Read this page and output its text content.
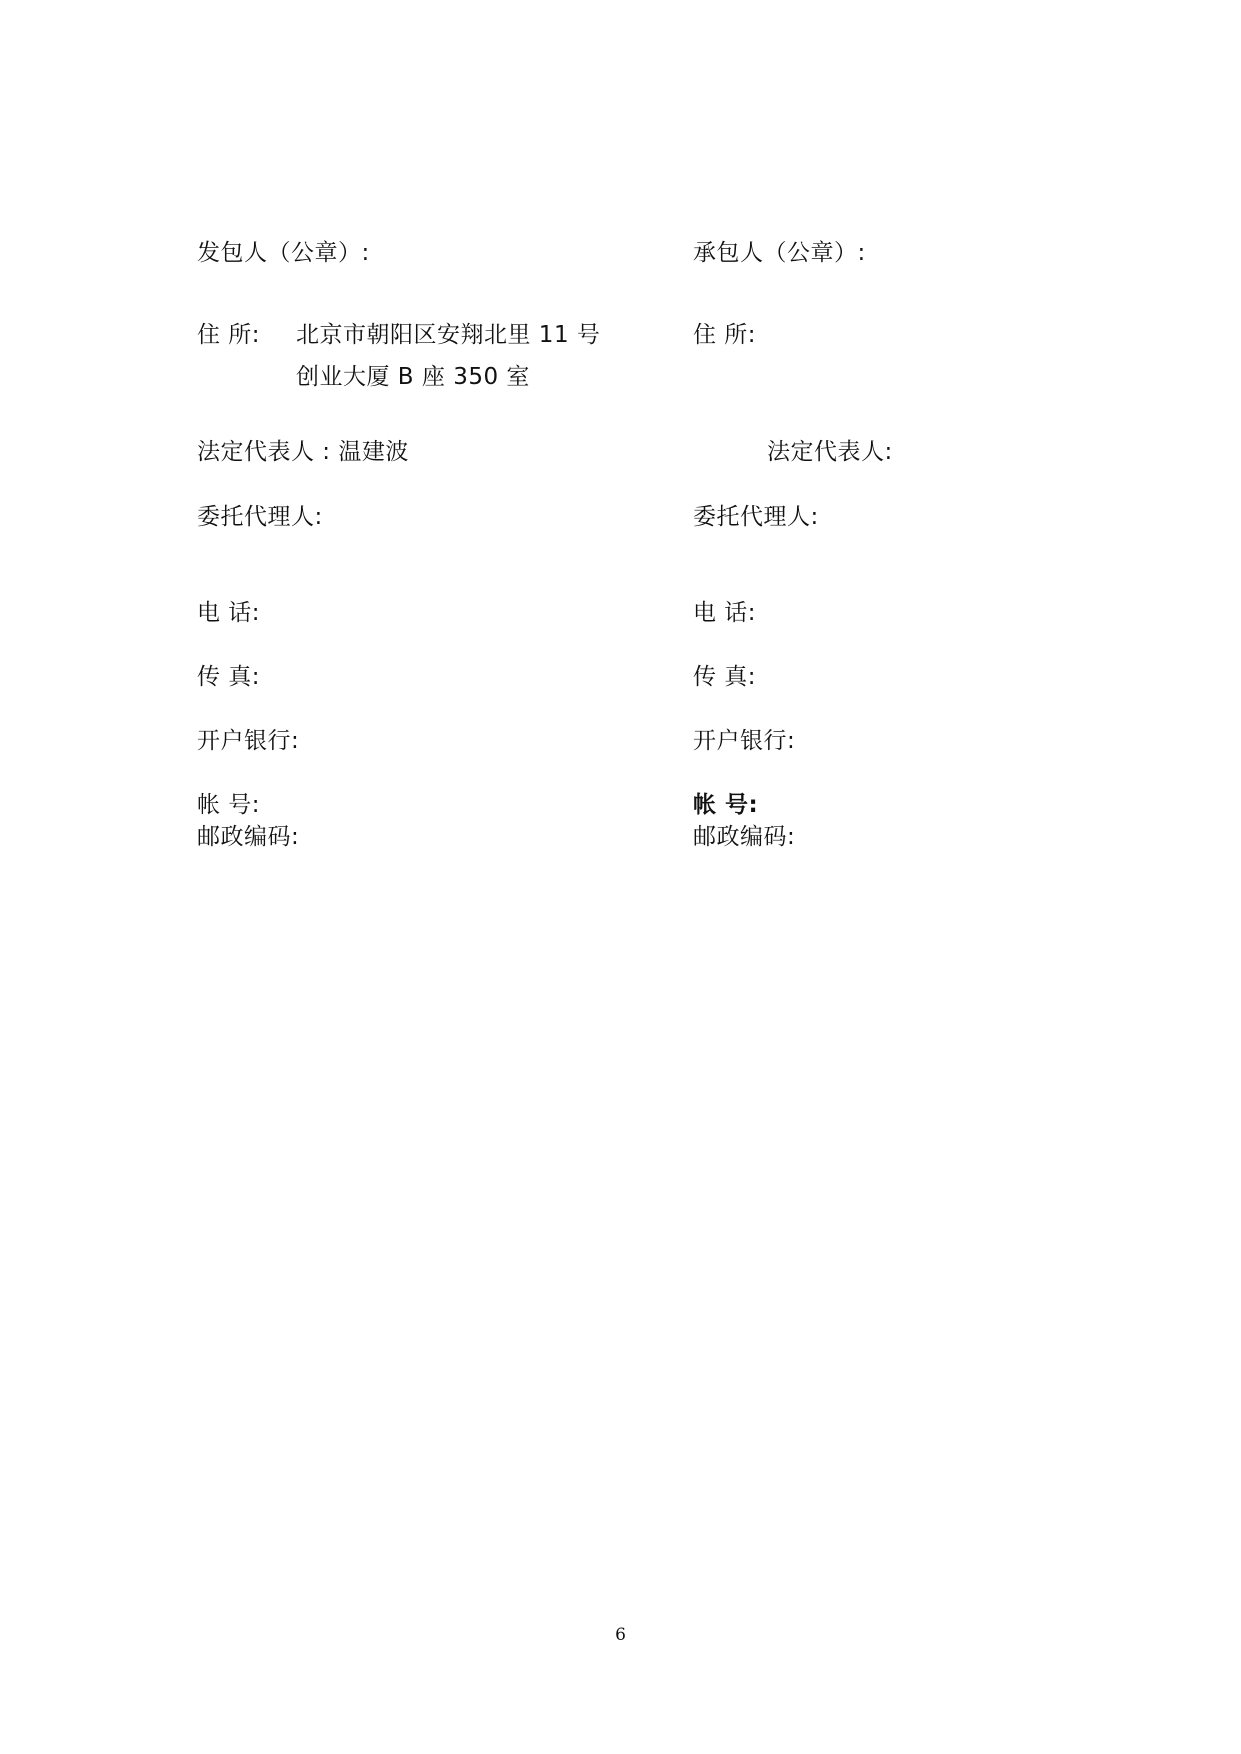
发包人（公章）:
住 所: 北京市朝阳区安翔北里 11 号
创业大厦 B 座 350 室
法定代表人 : 温建波
委托代理人:
电 话:
传 真:
开户银行:
帐 号:
邮政编码:
承包人（公章）:
住 所:
法定代表人:
委托代理人:
电 话:
传 真:
开户银行:
帐 号:
邮政编码:
6
